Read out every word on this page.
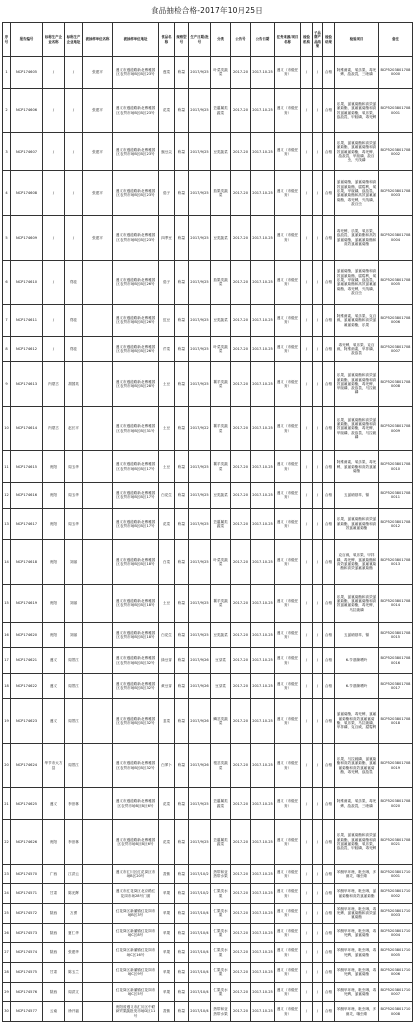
食品抽检合格-2017年10月25日
序号	报告编号	标称生产企业名称	标称生产企业地址	被抽样单位名称	被抽样单位地址	食品名称	规格型号	生产日期/批号	分类	公告号	公告日期	任务来源/项目名称	检验机构	子品牌产品结果	检验结果	检验项目	备注
1	NCP174605	/	/	张建平	遵义市遵道路新北博雅园区农贸市场B区B区23号	莲菜	称量	2017/9/25	叶菜类蔬菜	2017-20	2017.10.25	遵义（市级任务）	/	/	合格	阿维菌素，氧乐果，毒死蜱，敌敌畏，三唑磷	BCP52038017080000
2	NCP174606	/	/	张建平	遵义市遵道路新北博雅园区农贸市场B区B区23号	花菜	称量	2017/9/25	芸薹属类蔬菜	2017-20	2017.10.25	遵义（市级任务）	/	/	合格	乐果，氯氰菊酯和高效氯氰菊酯，氯氟氰菊酯和高效氯氟氰菊酯，氧乐果，敌敌畏，甲胺磷，毒死蜱	BCP52038017080001
3	NCP174607	/	/	张建平	遵义市遵道路新北博雅园区农贸市场B区B区23号	豌豆尖	称量	2017/9/25	豆类蔬菜	2017-20	2017.10.25	遵义（市级任务）	/	/	合格	乐果，氯氰菊酯和高效氯氰菊酯，氯氟氰菊酯和高效氯氟氰菊酯，毒死蜱，敌敌畏，甲胺磷，敌百虫，灭线磷	BCP52038017080002
4	NCP174608	/	/	张建平	遵义市遵道路新北博雅园区农贸市场B区B区23号	茄子	称量	2017/9/25	茄果类蔬菜	2017-20	2017.10.25	遵义（市级任务）	/	/	合格	氯氰菊酯，氯氰菊酯和高效氯氰菊酯，腐霉利，氧乐果，甲胺磷，敌敌畏，氯氟氰菊酯和高效氯氟氰菊酯，毒死蜱，灭线磷，敌百虫	BCP52038017080003
5	NCP174609	/	/	张建平	遵义市遵道路新北博雅园区农贸市场B区B区23号	四季豆	称量	2017/9/25	豆类蔬菜	2017-20	2017.10.25	遵义（市级任务）	/	/	合格	毒死蜱，乐果，氧乐果，敌敌畏，氯氰菊酯和高效氯氰菊酯，氯氟氰菊酯和高效氯氟氰菊酯	BCP52038017080004
6	NCP174610	/	郑佳		遵义市遵道路新北博雅园区农贸市场B区B区26号	茄子	称量	2017/9/25	茄果类蔬菜	2017-20	2017.10.25	遵义（市级任务）	/	/	合格	氯氰菊酯，氯氰菊酯和高效氯氰菊酯，腐霉利，氧乐果，甲胺磷，敌敌畏，氯氟氰菊酯和高效氯氟氰菊酯，毒死蜱，灭线磷，敌百虫	BCP52038017080005
7	NCP174611	/	郑佳		遵义市遵道路新北博雅园区农贸市场B区B区26号	豇豆	称量	2017/9/25	豆类蔬菜	2017-20	2017.10.25	遵义（市级任务）	/	/	合格	阿维菌素，氧乐果，克百威，氯氟氰菊酯和高效氯氟氰菊酯，乐果	BCP52038017080006
8	NCP174612	/	郑佳		遵义市遵道路新北博雅园区农贸市场B区B区26号	芹菜	称量	2017/9/25	叶菜类蔬菜	2017-20	2017.10.25	遵义（市级任务）	/	/	合格	毒死蜱，氧乐果，克百威，阿维菌素，甲拌磷，敌敌畏	BCP52038017080007
9	NCP174613	内蒙古	胡国英		遵义市遵道路新北博雅园区农贸市场B区B区28号	土豆	称量	2017/9/25	薯芋类蔬菜	2017-20	2017.10.25	遵义（市级任务）	/	/	合格	乐果，氯氰菊酯和高效氯氰菊酯，氯氟氰菊酯和高效氯氟氰菊酯，毒死蜱，甲胺磷，敌敌畏，马拉硫磷	BCP52038017080008
10	NCP174614	内蒙古	赵长平		遵义市遵道路新北博雅园区农贸市场B区B区31号	土豆	称量	2017/9/22	薯芋类蔬菜	2017-20	2017.10.25	遵义（市级任务）	/	/	合格	乐果，氯氰菊酯和高效氯氰菊酯，氯氟氰菊酯和高效氯氟氰菊酯，毒死蜱，甲胺磷，敌敌畏，马拉硫磷	BCP52038017080009
11	NCP174615	贵阳	周玉华		遵义市遵道路新北博雅园区农贸市场B区B区17号	土豆	称量	2017/9/25	薯芋类蔬菜	2017-20	2017.10.25	遵义（市级任务）	/	/	合格	阿维菌素，氧乐果，毒死蜱，氯氰菊酯和高效氯氰菊酯	BCP52038017080010
12	NCP174616	贵阳	周玉华		遵义市遵道路新北博雅园区农贸市场B区B区17号	白花生	称量	2017/9/25	豆类蔬菜	2017-20	2017.10.25	遵义（市级任务）	/	/	合格	五氯硝基苯，镉	BCP52038017080011
13	NCP174617	贵阳	周玉华		遵义市遵道路新北博雅园区农贸市场B区B区17号	花菜	称量	2017/9/25	芸薹属类蔬菜	2017-20	2017.10.25	遵义（市级任务）	/	/	合格	乐果，氯氰菊酯和高效氯氰菊酯，氯氟氰菊酯和高效氯氟氰菊酯	BCP52038017080012
14	NCP174618	贵阳	刘丽		遵义市遵道路新北博雅园区农贸市场B区B区18号	白菜	称量	2017/9/25	叶菜类蔬菜	2017-20	2017.10.25	遵义（市级任务）	/	/	合格	克百威，氧乐果，甲拌磷，毒死蜱，氯氰菊酯和高效氯氰菊酯，氯氟氰菊酯和高效氯氟氰菊酯	BCP52038017080013
15	NCP174619	贵阳	刘丽		遵义市遵道路新北博雅园区农贸市场B区B区18号	土豆	称量	2017/9/25	薯芋类蔬菜	2017-20	2017.10.25	遵义（市级任务）	/	/	合格	乐果，氯氰菊酯和高效氯氰菊酯，氯氟氰菊酯和高效氯氟氰菊酯，毒死蜱，马拉硫磷	BCP52038017080014
16	NCP174620	贵阳	刘丽		遵义市遵道路新北博雅园区农贸市场B区B区18号	白花生	称量	2017/9/25	豆类蔬菜	2017-20	2017.10.25	遵义（市级任务）	/	/	合格	五氯硝基苯，镉	BCP52038017080015
17	NCP174621	遵义	周景江		遵义市遵道路新北博雅园区农贸市场B区B区32号	绿豆芽	称量	2017/9/26	豆芽菜	2017-20	2017.10.25	遵义（市级任务）	/	/	合格	6-苄基腺嘌呤	BCP52038017080016
18	NCP174622	遵义	周景江		遵义市遵道路新北博雅园区农贸市场B区B区32号	黄豆芽	称量	2017/9/26	豆芽菜	2017-20	2017.10.25	遵义（市级任务）	/	/	合格	6-苄基腺嘌呤	BCP52038017080017
19	NCP174623	遵义	周景江		遵义市遵道路新北博雅园区农贸市场B区B区32号	韭菜	称量	2017/9/26	鳞茎类蔬菜	2017-20	2017.10.25	遵义（市级任务）	/	/	合格	氯氰菊酯，毒死蜱，氯氟氰菊酯和高效氯氟氰菊酯，氧乐果，马拉硫磷，甲拌磷，克百威，腐霉利	BCP52038017080018
20	NCP174624	华节市大方县	周景江		遵义市遵道路新北博雅园区农贸市场B区B区32号	白萝卜	称量	2017/9/26	根茎类蔬菜	2017-20	2017.10.25	遵义（市级任务）	/	/	合格	乐果，马拉硫磷，氯氰菊酯和高效氯氰菊酯，氯氟氰菊酯和高效氯氟氰菊酯，毒死蜱，敌敌畏	BCP52038017080019
21	NCP174625	遵义	李崇林		遵义市遵道路新北博雅园区农贸市场B区B区6号	花菜	称量	2017/9/25	芸薹属类蔬菜	2017-20	2017.10.25	遵义（市级任务）	/	/	合格	阿维菌素，氧乐果，毒死蜱，敌敌畏，三唑磷	BCP52038017080020
22	NCP174626	贵阳	李崇林		遵义市遵道路新北博雅园区农贸市场B区B区6号	花菜	称量	2017/9/25	芸薹属类蔬菜	2017-20	2017.10.25	遵义（市级任务）	/	/	合格	乐果，氯氰菊酯和高效氯氰菊酯，氯氟氰菊酯和高效氯氟氰菊酯，氧乐果，敌敌畏，甲胺磷，毒死蜱	BCP52038017080021
23	NCP174570	广西	江洪云		遵义市汇川区红花岗区市场B区20号	香蕉	称量	2017/10/2	热带和亚热带水果	2017-20	2017.10.25	遵义（市级任务）	/	/	合格	苯醚甲环唑，吡虫啉，多菌灵，噻虫嗪	BCP52038017100001
24	NCP174571	甘肃	陈光辉		遵义市红花岗区北京路红花岗市场28号门面	苹果	称量	2017/10/2	仁果类水果	2017-20	2017.10.25	遵义（市级任务）	/	/	合格	苯醚甲环唑，吡虫啉，氯氰菊酯和高效氯氰菊酯	BCP52038017100002
25	NCP174572	陕西	万勇		红花岗区新蒲镇红花岗市场B区3号	苹果	称量	2017/10/4	仁果类水果	2017-20	2017.10.25	遵义（市级任务）	/	/	合格	苯醚甲环唑，吡虫啉，毒死蜱，氯氰菊酯和高效氯氰菊酯	BCP52038017100003
26	NCP174573	陕西	夏仁华		红花岗区新蒲镇红花岗市场C区8号	苹果	称量	2017/10/4	仁果类水果	2017-20	2017.10.25	遵义（市级任务）	/	/	合格	苯醚甲环唑，吡虫啉，毒死蜱，氯氰菊酯	BCP52038017100004
27	NCP174574	陕西	张建华		红花岗区新蒲镇红花岗市场C区16号	苹果	称量	2017/10/4	仁果类水果	2017-20	2017.10.25	遵义（市级任务）	/	/	合格	苯醚甲环唑，吡虫啉，毒死蜱，氯氰菊酯	BCP52038017100005
28	NCP174575	甘肃	陈玉兰		红花岗区新蒲镇红花岗市场C区9号	苹果	称量	2017/10/4	仁果类水果	2017-20	2017.10.25	遵义（市级任务）	/	/	合格	苯醚甲环唑，吡虫啉，毒死蜱，氯氰菊酯	BCP52038017100006
29	NCP174576	陕西	周洪文		红花岗区新蒲镇红花岗市场C区5号	苹果	称量	2017/10/4	仁果类水果	2017-20	2017.10.25	遵义（市级任务）	/	/	合格	苯醚甲环唑，吡虫啉，毒死蜱，氯氰菊酯	BCP52038017100007
30	NCP174577	云南	徐开福		贵阳省遵义市汇川区中联商贸果蔬批发市场D区11号	香蕉	称量	2017/10/4	热带和亚热带水果	2017-20	2017.10.25	遵义（市级任务）	/	/	合格	苯醚甲环唑，吡虫啉，多菌灵，噻虫嗪	BCP52038017100008
